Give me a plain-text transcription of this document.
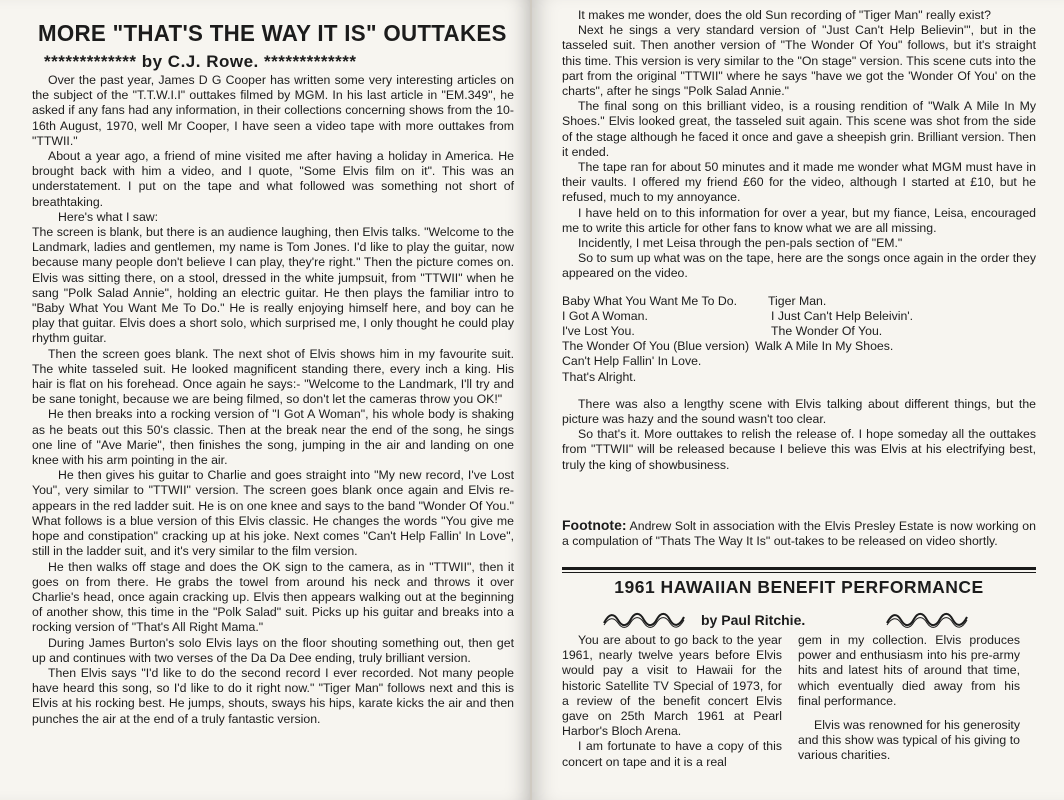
MORE "THAT'S THE WAY IT IS" OUTTAKES
************* by C.J. Rowe. *************

Over the past year, James D G Cooper has written some very interesting articles on the subject of the "T.T.W.I.I" outtakes filmed by MGM. In his last article in "EM.349", he asked if any fans had any information, in their collections concerning shows from the 10-16th August, 1970, well Mr Cooper, I have seen a video tape with more outtakes from "TTWII."

About a year ago, a friend of mine visited me after having a holiday in America. He brought back with him a video, and I quote, "Some Elvis film on it". This was an understatement. I put on the tape and what followed was something not short of breathtaking.

Here's what I saw:

The screen is blank, but there is an audience laughing, then Elvis talks. "Welcome to the Landmark, ladies and gentlemen, my name is Tom Jones. I'd like to play the guitar, now because many people don't believe I can play, they're right." Then the picture comes on. Elvis was sitting there, on a stool, dressed in the white jumpsuit, from "TTWII" when he sang "Polk Salad Annie", holding an electric guitar. He then plays the familiar intro to "Baby What You Want Me To Do." He is really enjoying himself here, and boy can he play that guitar. Elvis does a short solo, which surprised me, I only thought he could play rhythm guitar.

Then the screen goes blank. The next shot of Elvis shows him in my favourite suit. The white tasseled suit. He looked magnificent standing there, every inch a king. His hair is flat on his forehead. Once again he says:- "Welcome to the Landmark, I'll try and be sane tonight, because we are being filmed, so don't let the cameras throw you OK!"

He then breaks into a rocking version of "I Got A Woman", his whole body is shaking as he beats out this 50's classic. Then at the break near the end of the song, he sings one line of "Ave Marie", then finishes the song, jumping in the air and landing on one knee with his arm pointing in the air.

He then gives his guitar to Charlie and goes straight into "My new record, I've Lost You", very similar to "TTWII" version. The screen goes blank once again and Elvis re-appears in the red ladder suit. He is on one knee and says to the band "Wonder Of You." What follows is a blue version of this Elvis classic. He changes the words "You give me hope and constipation" cracking up at his joke. Next comes "Can't Help Fallin' In Love", still in the ladder suit, and it's very similar to the film version.

He then walks off stage and does the OK sign to the camera, as in "TTWII", then it goes on from there. He grabs the towel from around his neck and throws it over Charlie's head, once again cracking up. Elvis then appears walking out at the beginning of another show, this time in the "Polk Salad" suit. Picks up his guitar and breaks into a rocking version of "That's All Right Mama."

During James Burton's solo Elvis lays on the floor shouting something out, then get up and continues with two verses of the Da Da Dee ending, truly brilliant version.

Then Elvis says "I'd like to do the second record I ever recorded. Not many people have heard this song, so I'd like to do it right now." "Tiger Man" follows next and this is Elvis at his rocking best. He jumps, shouts, sways his hips, karate kicks the air and then punches the air at the end of a truly fantastic version.

It makes me wonder, does the old Sun recording of "Tiger Man" really exist?

Next he sings a very standard version of "Just Can't Help Believin'", but in the tasseled suit. Then another version of "The Wonder Of You" follows, but it's straight this time. This version is very similar to the "On stage" version. This scene cuts into the part from the original "TTWII" where he says "have we got the 'Wonder Of You' on the charts", after he sings "Polk Salad Annie."

The final song on this brilliant video, is a rousing rendition of "Walk A Mile In My Shoes." Elvis looked great, the tasseled suit again. This scene was shot from the side of the stage although he faced it once and gave a sheepish grin. Brilliant version. Then it ended.

The tape ran for about 50 minutes and it made me wonder what MGM must have in their vaults. I offered my friend £60 for the video, although I started at £10, but he refused, much to my annoyance.

I have held on to this information for over a year, but my fiance, Leisa, encouraged me to write this article for other fans to know what we are all missing.

Incidently, I met Leisa through the pen-pals section of "EM."

So to sum up what was on the tape, here are the songs once again in the order they appeared on the video.

Baby What You Want Me To Do.	Tiger Man.
I Got A Woman.	I Just Can't Help Beleivin'.
I've Lost You.	The Wonder Of You.
The Wonder Of You (Blue version) Walk A Mile In My Shoes.
Can't Help Fallin' In Love.
That's Alright.

There was also a lengthy scene with Elvis talking about different things, but the picture was hazy and the sound wasn't too clear.

So that's it. More outtakes to relish the release of. I hope someday all the outtakes from "TTWII" will be released because I believe this was Elvis at his electrifying best, truly the king of showbusiness.

Footnote: Andrew Solt in association with the Elvis Presley Estate is now working on a compulation of "Thats The Way It Is" out-takes to be released on video shortly.
1961 HAWAIIAN BENEFIT PERFORMANCE
by Paul Ritchie.

You are about to go back to the year 1961, nearly twelve years before Elvis would pay a visit to Hawaii for the historic Satellite TV Special of 1973, for a review of the benefit concert Elvis gave on 25th March 1961 at Pearl Harbor's Bloch Arena.

I am fortunate to have a copy of this concert on tape and it is a real

gem in my collection. Elvis produces power and enthusiasm into his pre-army hits and latest hits of around that time, which eventually died away from his final performance.

Elvis was renowned for his generosity and this show was typical of his giving to various charities.
